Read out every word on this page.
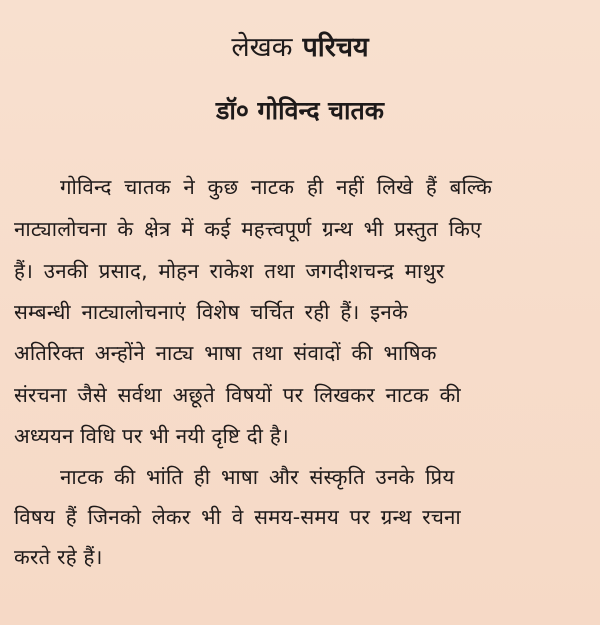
लेखक परिचय
डॉ० गोविन्द चातक
गोविन्द चातक ने कुछ नाटक ही नहीं लिखे हैं बल्कि
नाट्यालोचना के क्षेत्र में कई महत्त्वपूर्ण ग्रन्थ भी प्रस्तुत किए
हैं। उनकी प्रसाद, मोहन राकेश तथा जगदीशचन्द्र माथुर
सम्बन्धी नाट्यालोचनाएं विशेष चर्चित रही हैं। इनके
अतिरिक्त अन्होंने नाट्य भाषा तथा संवादों की भाषिक
संरचना जैसे सर्वथा अछूते विषयों पर लिखकर नाटक की
अध्ययन विधि पर भी नयी दृष्टि दी है।
नाटक की भांति ही भाषा और संस्कृति उनके प्रिय
विषय हैं जिनको लेकर भी वे समय-समय पर ग्रन्थ रचना
करते रहे हैं।
